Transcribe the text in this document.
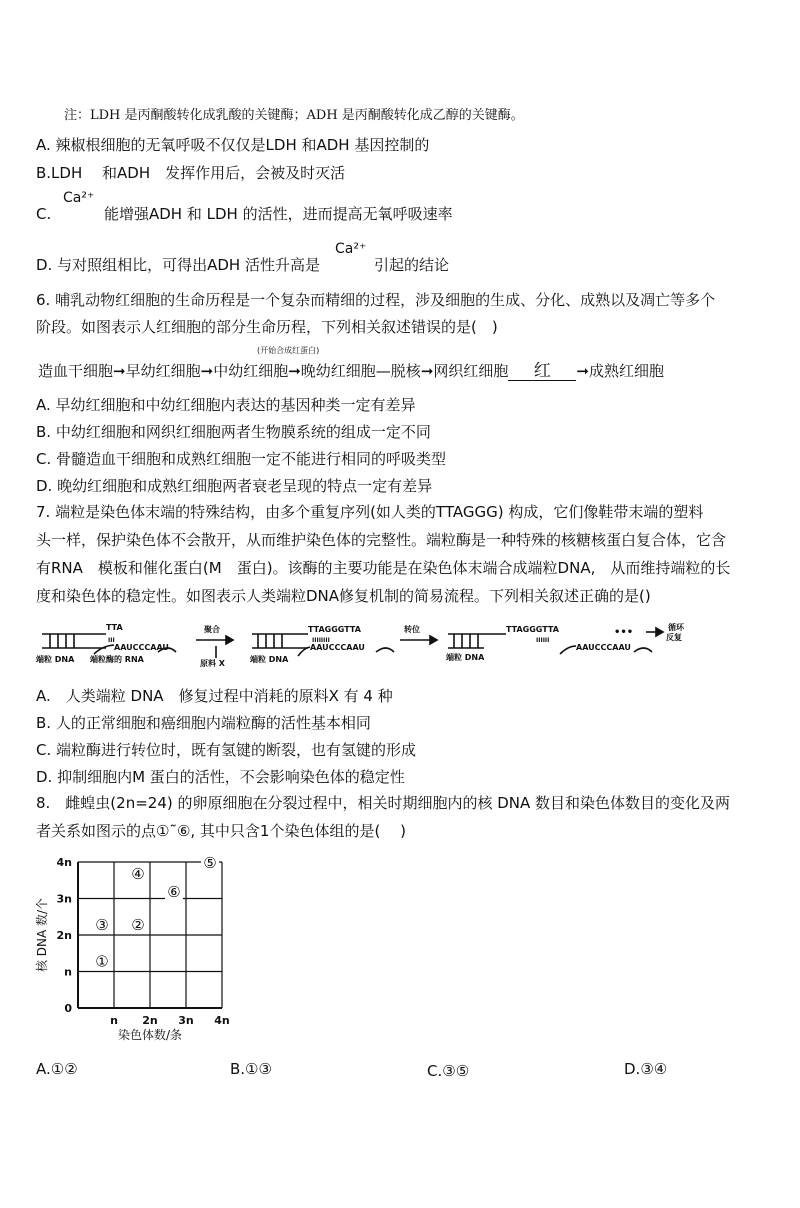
注：LDH 是丙酮酸转化成乳酸的关键酶；ADH 是丙酮酸转化成乙醇的关键酶。
A. 辣椒根细胞的无氧呼吸不仅仅是LDH 和ADH 基因控制的
B.LDH　 和ADH　发挥作用后，会被及时灭活
C.
Ca²⁺
能增强ADH 和 LDH 的活性，进而提高无氧呼吸速率
D. 与对照组相比，可得出ADH 活性升高是
Ca²⁺
引起的结论
6. 哺乳动物红细胞的生命历程是一个复杂而精细的过程，涉及细胞的生成、分化、成熟以及凋亡等多个
阶段。如图表示人红细胞的部分生命历程，下列相关叙述错误的是(　)
(开始合成红蛋白)
造血干细胞➞早幼红细胞➞中幼红细胞➞晚幼红细胞—脱核➞网织红细胞 红 ➞成熟红细胞
A. 早幼红细胞和中幼红细胞内表达的基因种类一定有差异
B. 中幼红细胞和网织红细胞两者生物膜系统的组成一定不同
C. 骨髓造血干细胞和成熟红细胞一定不能进行相同的呼吸类型
D. 晚幼红细胞和成熟红细胞两者衰老呈现的特点一定有差异
7. 端粒是染色体末端的特殊结构，由多个重复序列(如人类的TTAGGG) 构成，它们像鞋带末端的塑料
头一样，保护染色体不会散开，从而维护染色体的完整性。端粒酶是一种特殊的核糖核蛋白复合体，它含
有RNA　模板和催化蛋白(M　蛋白)。该酶的主要功能是在染色体末端合成端粒DNA,　从而维持端粒的长
度和染色体的稳定性。如图表示人类端粒DNA修复机制的简易流程。下列相关叙述正确的是()
TTA
ⅠⅠⅠ
AAUCCCAAU
端粒 DNA 端粒酶的 RNA
聚合
原料 X
TTAGGGTTA
ⅠⅠⅠⅠⅠⅠⅠⅠ
AAUCCCAAU
端粒 DNA
转位	TTAGGGTTA
端粒 DNA
ⅠⅠⅠⅠⅠⅠ
AAUCCCAAU
•••	循环
反复
A.　人类端粒 DNA　修复过程中消耗的原料X 有 4 种
B. 人的正常细胞和癌细胞内端粒酶的活性基本相同
C. 端粒酶进行转位时，既有氢键的断裂，也有氢键的形成
D. 抑制细胞内M 蛋白的活性，不会影响染色体的稳定性
8.　雌蝗虫(2n=24) 的卵原细胞在分裂过程中，相关时期细胞内的核 DNA 数目和染色体数目的变化及两
者关系如图示的点①˜⑥, 其中只含1个染色体组的是(　 )
0
n
2n
3n
4n
n 2n 3n 4n
染色体数/条
核 DNA 数/个	①
②
③
④
⑤
⑥
A.①②	B.①③	C.③⑤	D.③④
